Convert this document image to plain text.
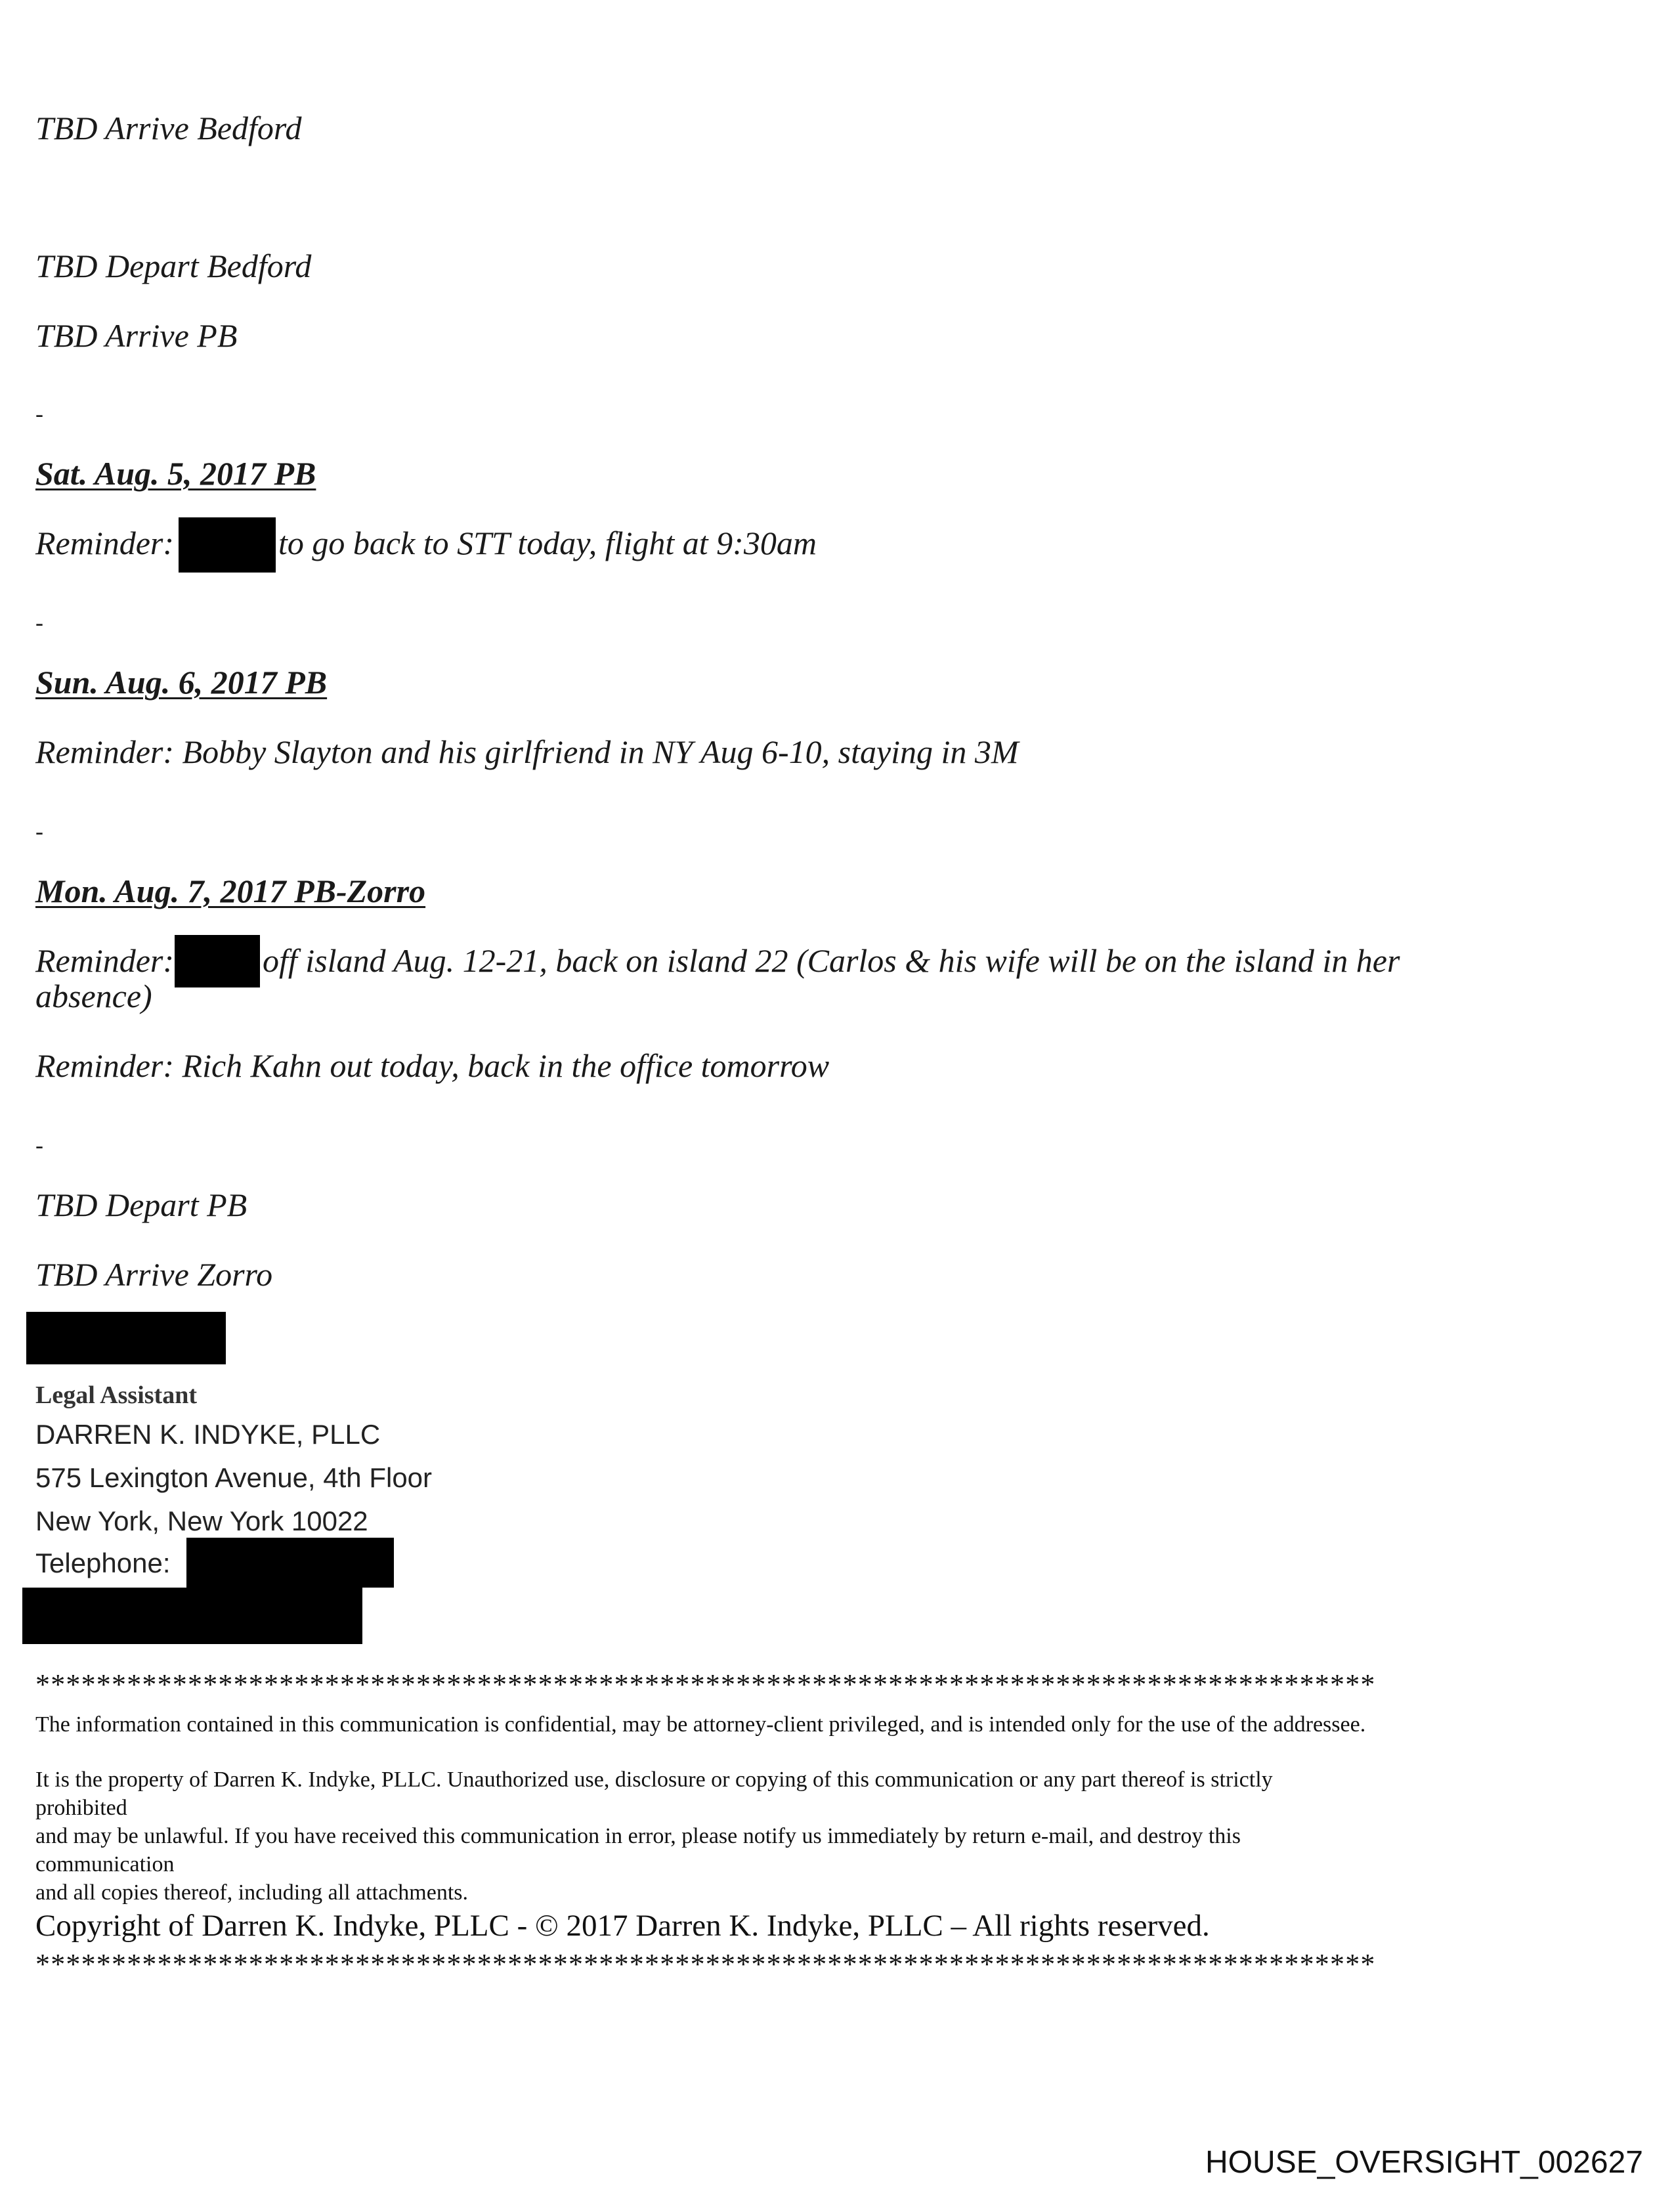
TBD Arrive Bedford
TBD Depart Bedford
TBD Arrive PB
-
Sat. Aug. 5, 2017 PB
Reminder:	to go back to STT today, flight at 9:30am
-
Sun. Aug. 6, 2017 PB
Reminder: Bobby Slayton and his girlfriend in NY Aug 6-10, staying in 3M
-
Mon. Aug. 7, 2017 PB-Zorro
Reminder:	off island Aug. 12-21, back on island 22 (Carlos & his wife will be on the island in her
absence)
Reminder: Rich Kahn out today, back in the office tomorrow
-
TBD Depart PB
TBD Arrive Zorro
Legal Assistant
DARREN K. INDYKE, PLLC
575 Lexington Avenue, 4th Floor
New York, New York 10022
Telephone:
****************************************************************************************
The information contained in this communication is confidential, may be attorney-client privileged, and is intended only for the use of the addressee.
It is the property of Darren K. Indyke, PLLC. Unauthorized use, disclosure or copying of this communication or any part thereof is strictly
prohibited
and may be unlawful. If you have received this communication in error, please notify us immediately by return e-mail, and destroy this
communication
and all copies thereof, including all attachments.
Copyright of Darren K. Indyke, PLLC - © 2017 Darren K. Indyke, PLLC – All rights reserved.
****************************************************************************************
HOUSE_OVERSIGHT_002627
